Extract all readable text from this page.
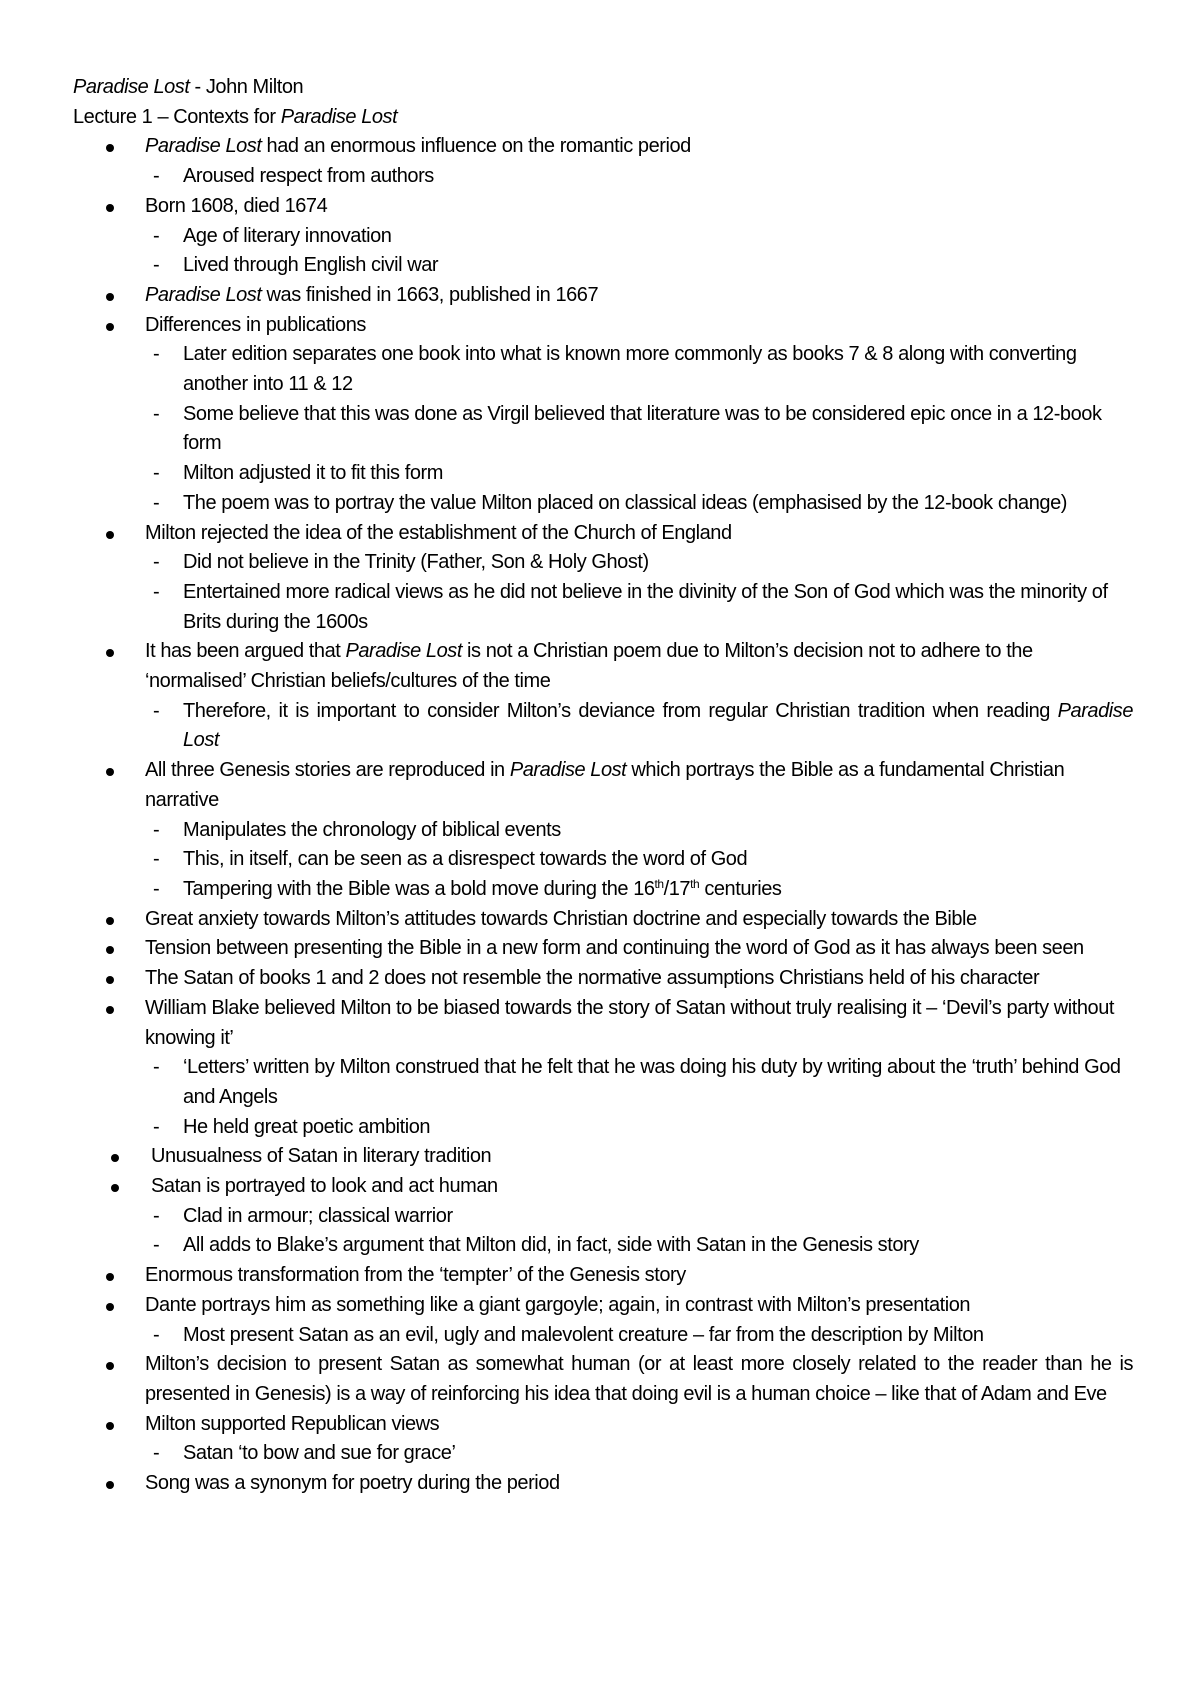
Paradise Lost - John Milton

Lecture 1 – Contexts for Paradise Lost

Paradise Lost had an enormous influence on the romantic period
- Aroused respect from authors
Born 1608, died 1674
- Age of literary innovation
- Lived through English civil war
Paradise Lost was finished in 1663, published in 1667
Differences in publications
- Later edition separates one book into what is known more commonly as books 7 & 8 along with converting another into 11 & 12
- Some believe that this was done as Virgil believed that literature was to be considered epic once in a 12-book form
- Milton adjusted it to fit this form
- The poem was to portray the value Milton placed on classical ideas (emphasised by the 12-book change)
Milton rejected the idea of the establishment of the Church of England
- Did not believe in the Trinity (Father, Son & Holy Ghost)
- Entertained more radical views as he did not believe in the divinity of the Son of God which was the minority of Brits during the 1600s
It has been argued that Paradise Lost is not a Christian poem due to Milton’s decision not to adhere to the ‘normalised’ Christian beliefs/cultures of the time
- Therefore, it is important to consider Milton’s deviance from regular Christian tradition when reading Paradise Lost
All three Genesis stories are reproduced in Paradise Lost which portrays the Bible as a fundamental Christian narrative
- Manipulates the chronology of biblical events
- This, in itself, can be seen as a disrespect towards the word of God
- Tampering with the Bible was a bold move during the 16th/17th centuries
Great anxiety towards Milton’s attitudes towards Christian doctrine and especially towards the Bible
Tension between presenting the Bible in a new form and continuing the word of God as it has always been seen
The Satan of books 1 and 2 does not resemble the normative assumptions Christians held of his character
William Blake believed Milton to be biased towards the story of Satan without truly realising it – ‘Devil’s party without knowing it’
- ‘Letters’ written by Milton construed that he felt that he was doing his duty by writing about the ‘truth’ behind God and Angels
- He held great poetic ambition
Unusualness of Satan in literary tradition
Satan is portrayed to look and act human
- Clad in armour; classical warrior
- All adds to Blake’s argument that Milton did, in fact, side with Satan in the Genesis story
Enormous transformation from the ‘tempter’ of the Genesis story
Dante portrays him as something like a giant gargoyle; again, in contrast with Milton’s presentation
- Most present Satan as an evil, ugly and malevolent creature – far from the description by Milton
Milton’s decision to present Satan as somewhat human (or at least more closely related to the reader than he is presented in Genesis) is a way of reinforcing his idea that doing evil is a human choice – like that of Adam and Eve
Milton supported Republican views
- Satan ‘to bow and sue for grace’
Song was a synonym for poetry during the period
